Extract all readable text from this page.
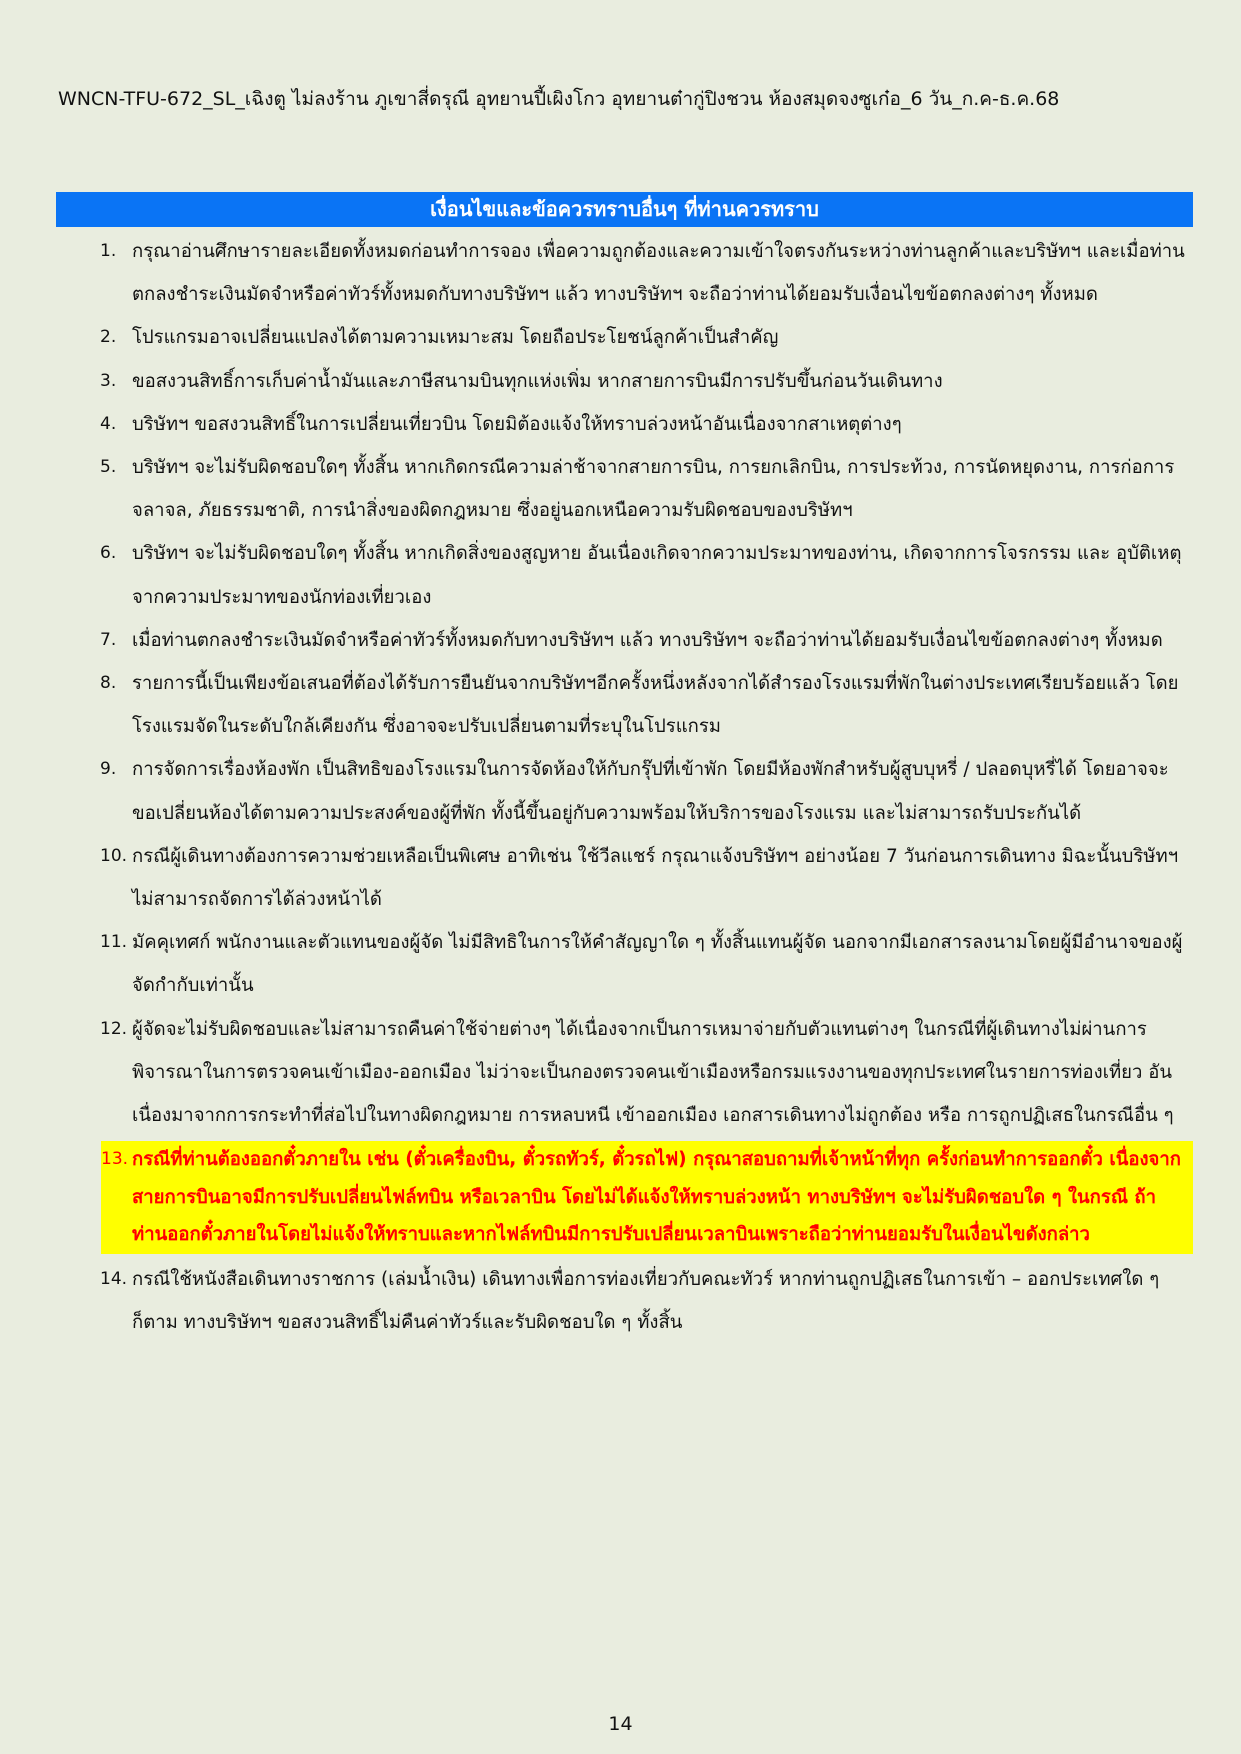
WNCN-TFU-672_SL_เฉิงตู ไม่ลงร้าน ภูเขาสี่ดรุณี อุทยานปี้เผิงโกว อุทยานต๋ากู่ปิงชวน ห้องสมุดจงซูเก๋อ_6 วัน_ก.ค-ธ.ค.68
เงื่อนไขและข้อควรทราบอื่นๆ ที่ท่านควรทราบ
1. กรุณาอ่านศึกษารายละเอียดทั้งหมดก่อนทำการจอง เพื่อความถูกต้องและความเข้าใจตรงกันระหว่างท่านลูกค้าและบริษัทฯ และเมื่อท่านตกลงชำระเงินมัดจำหรือค่าทัวร์ทั้งหมดกับทางบริษัทฯ แล้ว ทางบริษัทฯ จะถือว่าท่านได้ยอมรับเงื่อนไขข้อตกลงต่างๆ ทั้งหมด
2. โปรแกรมอาจเปลี่ยนแปลงได้ตามความเหมาะสม โดยถือประโยชน์ลูกค้าเป็นสำคัญ
3. ขอสงวนสิทธิ์การเก็บค่าน้ำมันและภาษีสนามบินทุกแห่งเพิ่ม หากสายการบินมีการปรับขึ้นก่อนวันเดินทาง
4. บริษัทฯ ขอสงวนสิทธิ์ในการเปลี่ยนเที่ยวบิน โดยมิต้องแจ้งให้ทราบล่วงหน้าอันเนื่องจากสาเหตุต่างๆ
5. บริษัทฯ จะไม่รับผิดชอบใดๆ ทั้งสิ้น หากเกิดกรณีความล่าช้าจากสายการบิน, การยกเลิกบิน, การประท้วง, การนัดหยุดงาน, การก่อการจลาจล, ภัยธรรมชาติ, การนำสิ่งของผิดกฎหมาย ซึ่งอยู่นอกเหนือความรับผิดชอบของบริษัทฯ
6. บริษัทฯ จะไม่รับผิดชอบใดๆ ทั้งสิ้น หากเกิดสิ่งของสูญหาย อันเนื่องเกิดจากความประมาทของท่าน, เกิดจากการโจรกรรม และ อุบัติเหตุจากความประมาทของนักท่องเที่ยวเอง
7. เมื่อท่านตกลงชำระเงินมัดจำหรือค่าทัวร์ทั้งหมดกับทางบริษัทฯ แล้ว ทางบริษัทฯ จะถือว่าท่านได้ยอมรับเงื่อนไขข้อตกลงต่างๆ ทั้งหมด
8. รายการนี้เป็นเพียงข้อเสนอที่ต้องได้รับการยืนยันจากบริษัทฯอีกครั้งหนึ่งหลังจากได้สำรองโรงแรมที่พักในต่างประเทศเรียบร้อยแล้ว โดยโรงแรมจัดในระดับใกล้เคียงกัน ซึ่งอาจจะปรับเปลี่ยนตามที่ระบุในโปรแกรม
9. การจัดการเรื่องห้องพัก เป็นสิทธิของโรงแรมในการจัดห้องให้กับกรุ๊ปที่เข้าพัก โดยมีห้องพักสำหรับผู้สูบบุหรี่ / ปลอดบุหรี่ได้ โดยอาจจะขอเปลี่ยนห้องได้ตามความประสงค์ของผู้ที่พัก ทั้งนี้ขึ้นอยู่กับความพร้อมให้บริการของโรงแรม และไม่สามารถรับประกันได้
10. กรณีผู้เดินทางต้องการความช่วยเหลือเป็นพิเศษ อาทิเช่น ใช้วีลแชร์ กรุณาแจ้งบริษัทฯ อย่างน้อย 7 วันก่อนการเดินทาง มิฉะนั้นบริษัทฯไม่สามารถจัดการได้ล่วงหน้าได้
11. มัคคุเทศก์ พนักงานและตัวแทนของผู้จัด ไม่มีสิทธิในการให้คำสัญญาใด ๆ ทั้งสิ้นแทนผู้จัด นอกจากมีเอกสารลงนามโดยผู้มีอำนาจของผู้จัดกำกับเท่านั้น
12. ผู้จัดจะไม่รับผิดชอบและไม่สามารถคืนค่าใช้จ่ายต่างๆ ได้เนื่องจากเป็นการเหมาจ่ายกับตัวแทนต่างๆ ในกรณีที่ผู้เดินทางไม่ผ่านการพิจารณาในการตรวจคนเข้าเมือง-ออกเมือง ไม่ว่าจะเป็นกองตรวจคนเข้าเมืองหรือกรมแรงงานของทุกประเทศในรายการท่องเที่ยว อันเนื่องมาจากการกระทำที่ส่อไปในทางผิดกฎหมาย การหลบหนี เข้าออกเมือง เอกสารเดินทางไม่ถูกต้อง หรือ การถูกปฏิเสธในกรณีอื่น ๆ
13. กรณีที่ท่านต้องออกตั๋วภายใน เช่น (ตั๋วเครื่องบิน, ตั๋วรถทัวร์, ตั๋วรถไฟ) กรุณาสอบถามที่เจ้าหน้าที่ทุก ครั้งก่อนทำการออกตั๋ว เนื่องจากสายการบินอาจมีการปรับเปลี่ยนไฟล์ทบิน หรือเวลาบิน โดยไม่ได้แจ้งให้ทราบล่วงหน้า ทางบริษัทฯ จะไม่รับผิดชอบใด ๆ ในกรณี ถ้าท่านออกตั๋วภายในโดยไม่แจ้งให้ทราบและหากไฟล์ทบินมีการปรับเปลี่ยนเวลาบินเพราะถือว่าท่านยอมรับในเงื่อนไขดังกล่าว
14. กรณีใช้หนังสือเดินทางราชการ (เล่มน้ำเงิน) เดินทางเพื่อการท่องเที่ยวกับคณะทัวร์ หากท่านถูกปฏิเสธในการเข้า – ออกประเทศใด ๆ ก็ตาม ทางบริษัทฯ ขอสงวนสิทธิ์ไม่คืนค่าทัวร์และรับผิดชอบใด ๆ ทั้งสิ้น
14
